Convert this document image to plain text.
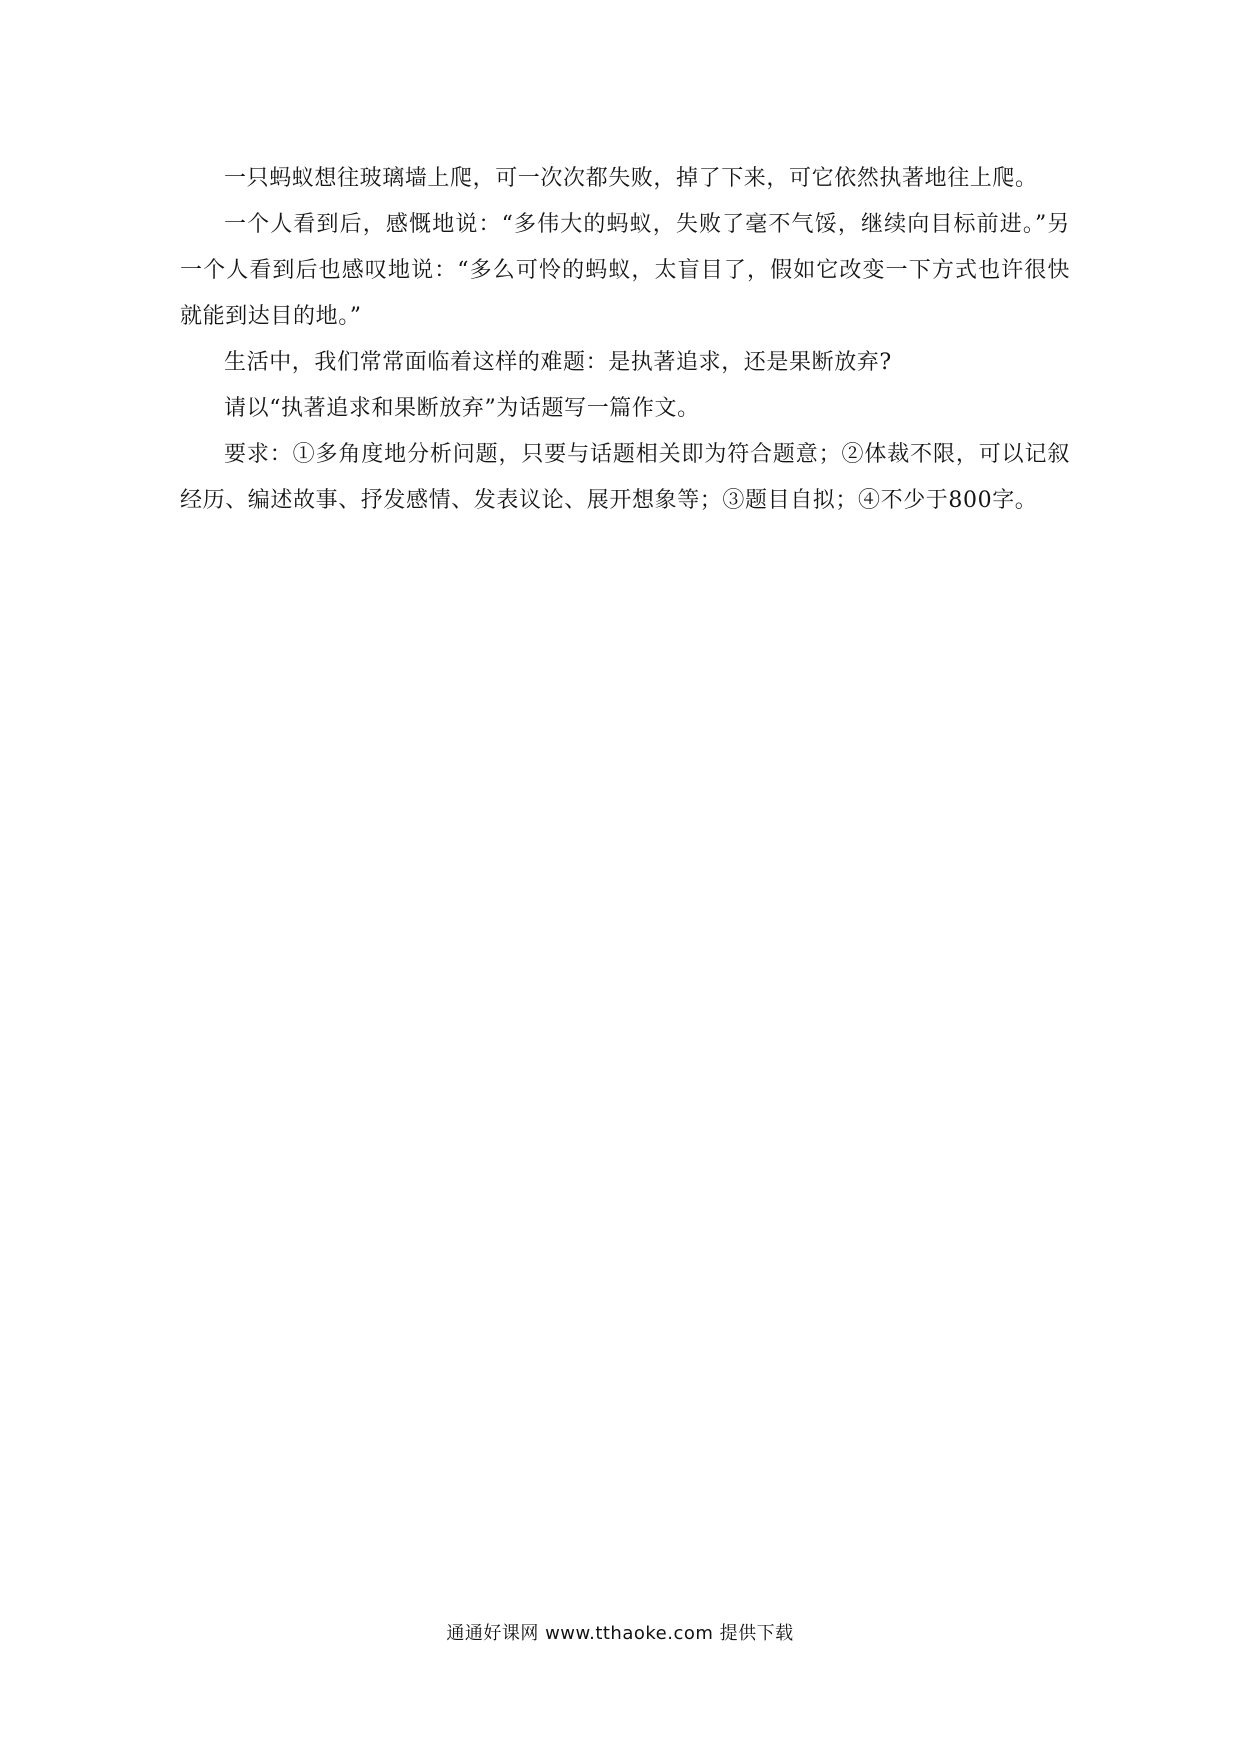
一只蚂蚁想往玻璃墙上爬，可一次次都失败，掉了下来，可它依然执著地往上爬。

一个人看到后，感慨地说：“多伟大的蚂蚁，失败了毫不气馁，继续向目标前进。”另一个人看到后也感叹地说：“多么可怜的蚂蚁，太盲目了，假如它改变一下方式也许很快就能到达目的地。”

生活中，我们常常面临着这样的难题：是执著追求，还是果断放弃?

请以“执著追求和果断放弃”为话题写一篇作文。

要求：①多角度地分析问题，只要与话题相关即为符合题意；②体裁不限，可以记叙经历、编述故事、抒发感情、发表议论、展开想象等；③题目自拟；④不少于800字。

通通好课网 www.tthaoke.com 提供下载
